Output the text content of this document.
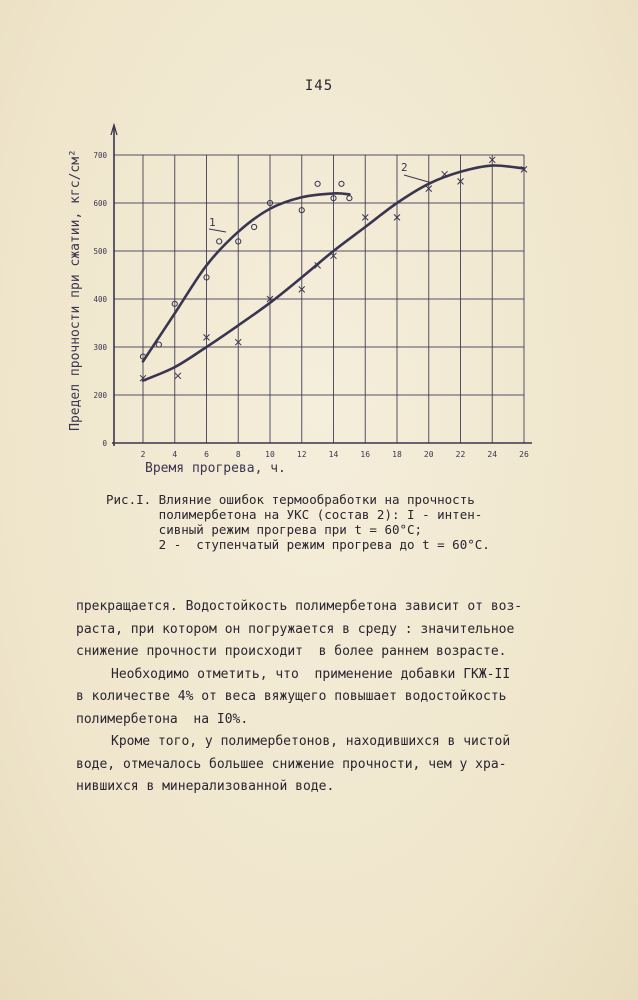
I45
2	4	6	8	10	12	14	16	18	20	22	24	26
0
200
300
400
500
600
700
Предел прочности при сжатии, кгс/см²
Время прогрева, ч.
1
2
Рис.I. Влияние ошибок термообработки на прочность
полимербетона на УКС (состав 2): I - интен-
сивный режим прогрева при t = 60°С;
2 -  ступенчатый режим прогрева до t = 60°С.

прекращается. Водостойкость полимербетона зависит от воз-

раста, при котором он погружается в среду : значительное

снижение прочности происходит  в более раннем возрасте.

Необходимо отметить, что  применение добавки ГКЖ-II

в количестве 4% от веса вяжущего повышает водостойкость

полимербетона  на I0%.

Кроме того, у полимербетонов, находившихся в чистой

воде, отмечалось большее снижение прочности, чем у хра-

нившихся в минерализованной воде.
